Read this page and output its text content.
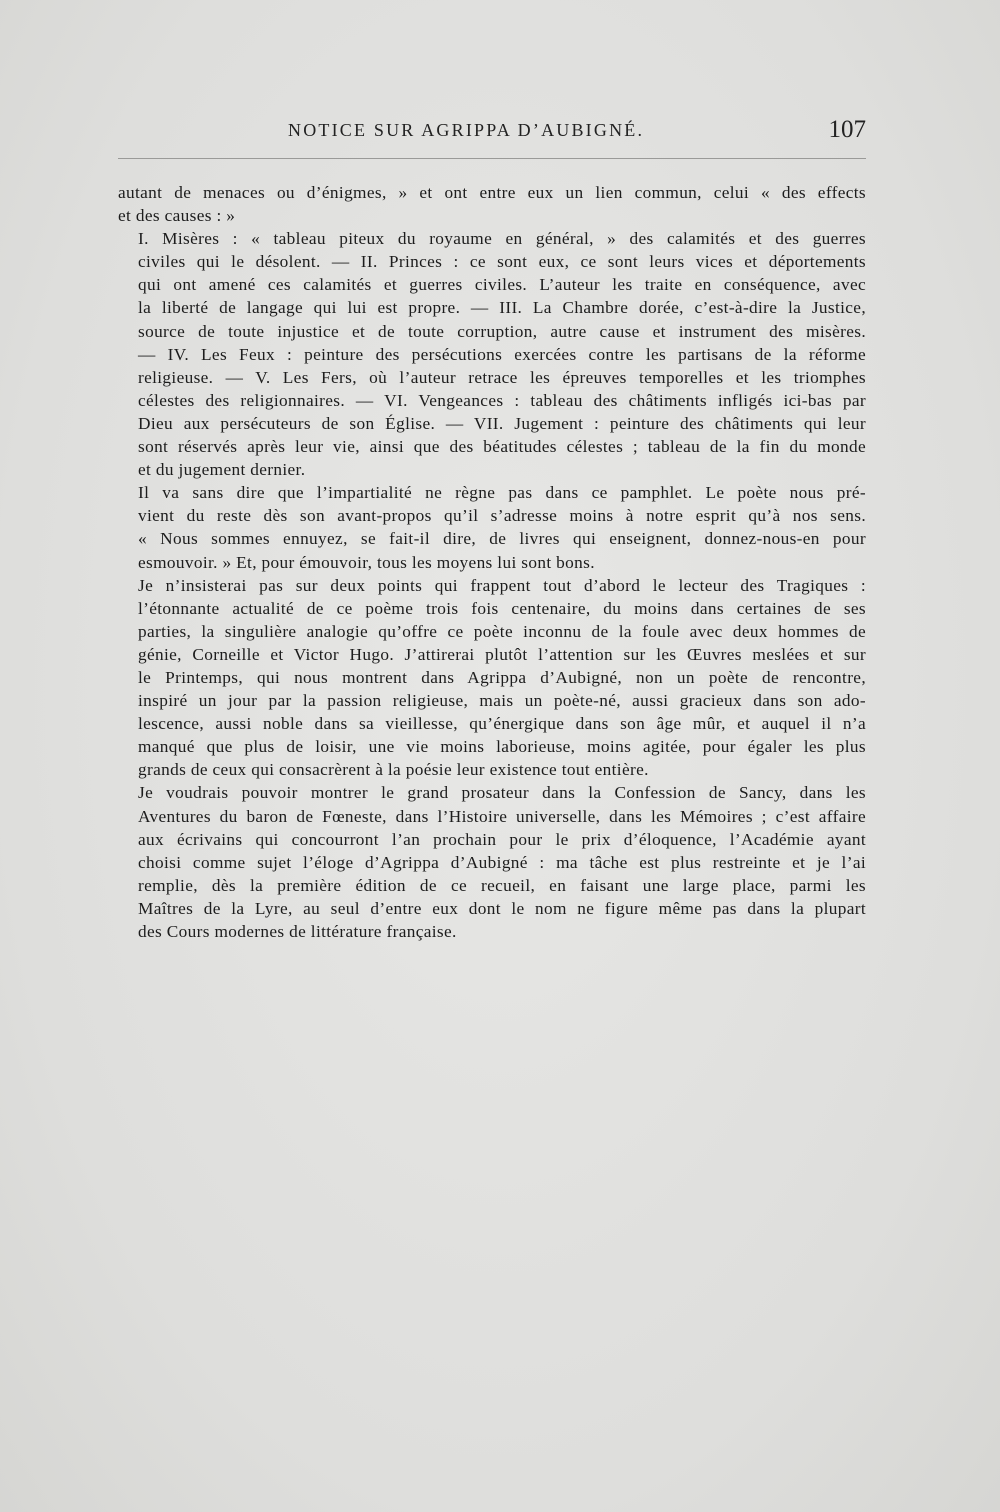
NOTICE SUR AGRIPPA D’AUBIGNÉ.	107

autant de menaces ou d’énigmes, » et ont entre eux un lien commun, celui « des effects
et des causes : »

I. Misères : « tableau piteux du royaume en général, » des calamités et des guerres
civiles qui le désolent. — II. Princes : ce sont eux, ce sont leurs vices et déportements
qui ont amené ces calamités et guerres civiles. L’auteur les traite en conséquence, avec
la liberté de langage qui lui est propre. — III. La Chambre dorée, c’est-à-dire la Justice,
source de toute injustice et de toute corruption, autre cause et instrument des misères.
— IV. Les Feux : peinture des persécutions exercées contre les partisans de la réforme
religieuse. — V. Les Fers, où l’auteur retrace les épreuves temporelles et les triomphes
célestes des religionnaires. — VI. Vengeances : tableau des châtiments infligés ici-bas par
Dieu aux persécuteurs de son Église. — VII. Jugement : peinture des châtiments qui leur
sont réservés après leur vie, ainsi que des béatitudes célestes ; tableau de la fin du monde
et du jugement dernier.

Il va sans dire que l’impartialité ne règne pas dans ce pamphlet. Le poète nous pré-
vient du reste dès son avant-propos qu’il s’adresse moins à notre esprit qu’à nos sens.
« Nous sommes ennuyez, se fait-il dire, de livres qui enseignent, donnez-nous-en pour
esmouvoir. » Et, pour émouvoir, tous les moyens lui sont bons.

Je n’insisterai pas sur deux points qui frappent tout d’abord le lecteur des Tragiques :
l’étonnante actualité de ce poème trois fois centenaire, du moins dans certaines de ses
parties, la singulière analogie qu’offre ce poète inconnu de la foule avec deux hommes de
génie, Corneille et Victor Hugo. J’attirerai plutôt l’attention sur les Œuvres meslées et sur
le Printemps, qui nous montrent dans Agrippa d’Aubigné, non un poète de rencontre,
inspiré un jour par la passion religieuse, mais un poète-né, aussi gracieux dans son ado-
lescence, aussi noble dans sa vieillesse, qu’énergique dans son âge mûr, et auquel il n’a
manqué que plus de loisir, une vie moins laborieuse, moins agitée, pour égaler les plus
grands de ceux qui consacrèrent à la poésie leur existence tout entière.

Je voudrais pouvoir montrer le grand prosateur dans la Confession de Sancy, dans les
Aventures du baron de Fœneste, dans l’Histoire universelle, dans les Mémoires ; c’est affaire
aux écrivains qui concourront l’an prochain pour le prix d’éloquence, l’Académie ayant
choisi comme sujet l’éloge d’Agrippa d’Aubigné : ma tâche est plus restreinte et je l’ai
remplie, dès la première édition de ce recueil, en faisant une large place, parmi les
Maîtres de la Lyre, au seul d’entre eux dont le nom ne figure même pas dans la plupart
des Cours modernes de littérature française.
